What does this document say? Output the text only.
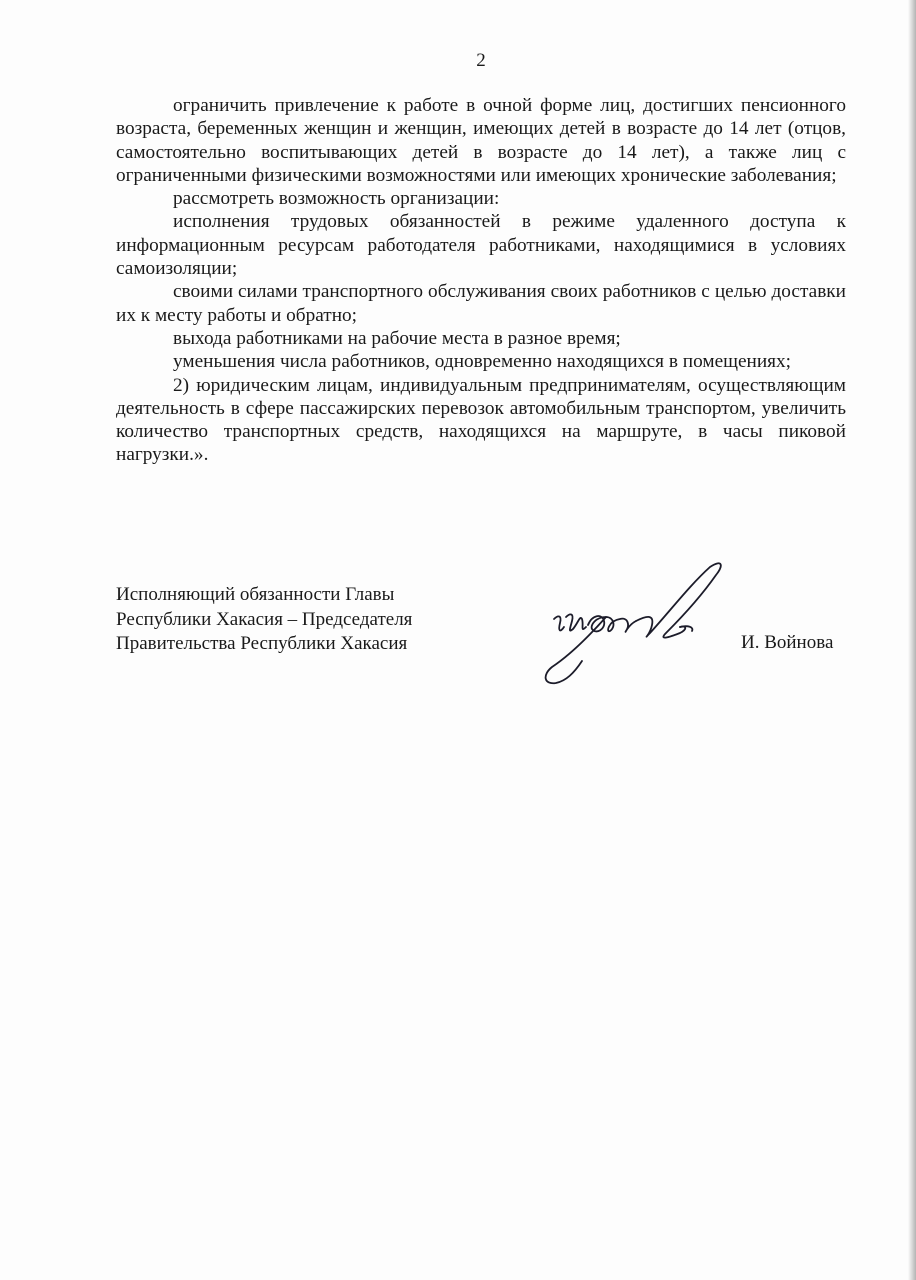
2

ограничить привлечение к работе в очной форме лиц, достигших пенсионного возраста, беременных женщин и женщин, имеющих детей в возрасте до 14 лет (отцов, самостоятельно воспитывающих детей в возрасте до 14 лет), а также лиц с ограниченными физическими возможностями или имеющих хронические заболевания;

рассмотреть возможность организации:

исполнения трудовых обязанностей в режиме удаленного доступа к информационным ресурсам работодателя работниками, находящимися в условиях самоизоляции;

своими силами транспортного обслуживания своих работников с целью доставки их к месту работы и обратно;

выхода работниками на рабочие места в разное время;

уменьшения числа работников, одновременно находящихся в помещениях;

2) юридическим лицам, индивидуальным предпринимателям, осуществляющим деятельность в сфере пассажирских перевозок автомобильным транспортом, увеличить количество транспортных средств, находящихся на маршруте, в часы пиковой нагрузки.».

Исполняющий обязанности Главы
Республики Хакасия – Председателя
Правительства Республики Хакасия	И. Войнова
